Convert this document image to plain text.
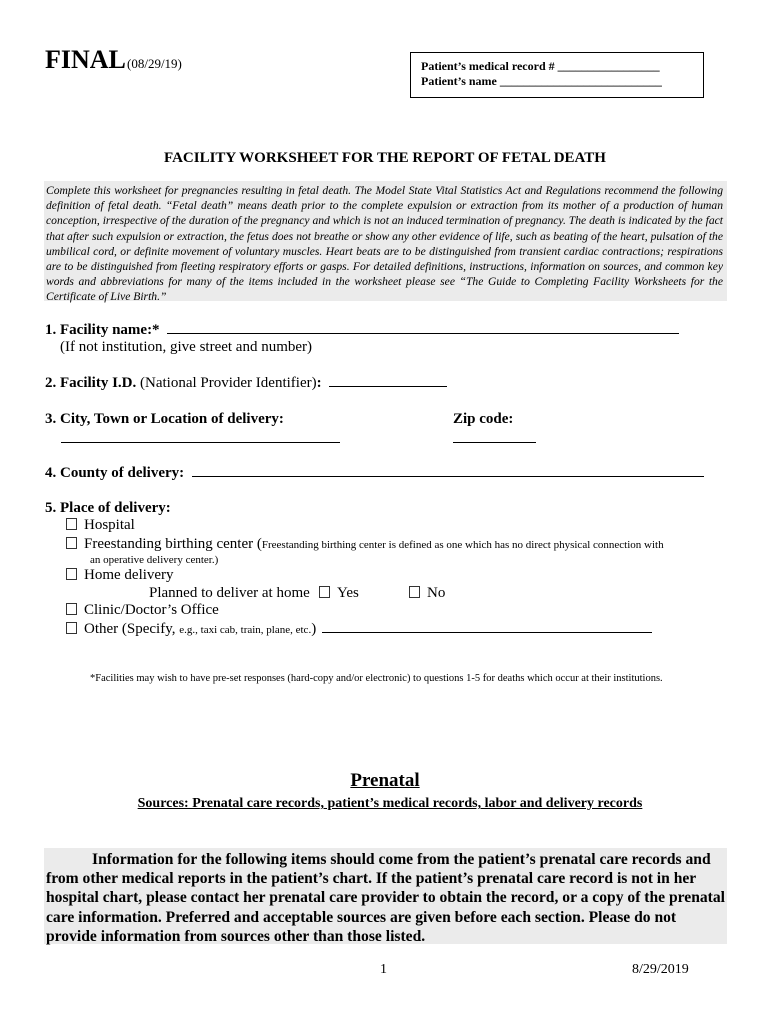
FINAL (08/29/19)	Patient’s medical record # _________________
Patient’s name ___________________________
FACILITY WORKSHEET FOR THE REPORT OF FETAL DEATH
Complete this worksheet for pregnancies resulting in fetal death. The Model State Vital Statistics Act and Regulations recommend the following definition of fetal death. “Fetal death” means death prior to the complete expulsion or extraction from its mother of a production of human conception, irrespective of the duration of the pregnancy and which is not an induced termination of pregnancy. The death is indicated by the fact that after such expulsion or extraction, the fetus does not breathe or show any other evidence of life, such as beating of the heart, pulsation of the umbilical cord, or definite movement of voluntary muscles. Heart beats are to be distinguished from transient cardiac contractions; respirations are to be distinguished from fleeting respiratory efforts or gasps. For detailed definitions, instructions, information on sources, and common key words and abbreviations for many of the items included in the worksheet please see “The Guide to Completing Facility Worksheets for the Certificate of Live Birth.”
1. Facility name:*
(If not institution, give street and number)
2. Facility I.D. (National Provider Identifier):
3. City, Town or Location of delivery:	Zip code:
4. County of delivery:
5. Place of delivery:
Hospital
Freestanding birthing center (Freestanding birthing center is defined as one which has no direct physical connection with
an operative delivery center.)
Home delivery
Planned to deliver at home	Yes	No
Clinic/Doctor’s Office
Other (Specify, e.g., taxi cab, train, plane, etc.)
*Facilities may wish to have pre-set responses (hard-copy and/or electronic) to questions 1-5 for deaths which occur at their institutions.
Prenatal
Sources: Prenatal care records, patient’s medical records, labor and delivery records
Information for the following items should come from the patient’s prenatal care records and from other medical reports in the patient’s chart. If the patient’s prenatal care record is not in her hospital chart, please contact her prenatal care provider to obtain the record, or a copy of the prenatal care information. Preferred and acceptable sources are given before each section. Please do not provide information from sources other than those listed.
1	8/29/2019
